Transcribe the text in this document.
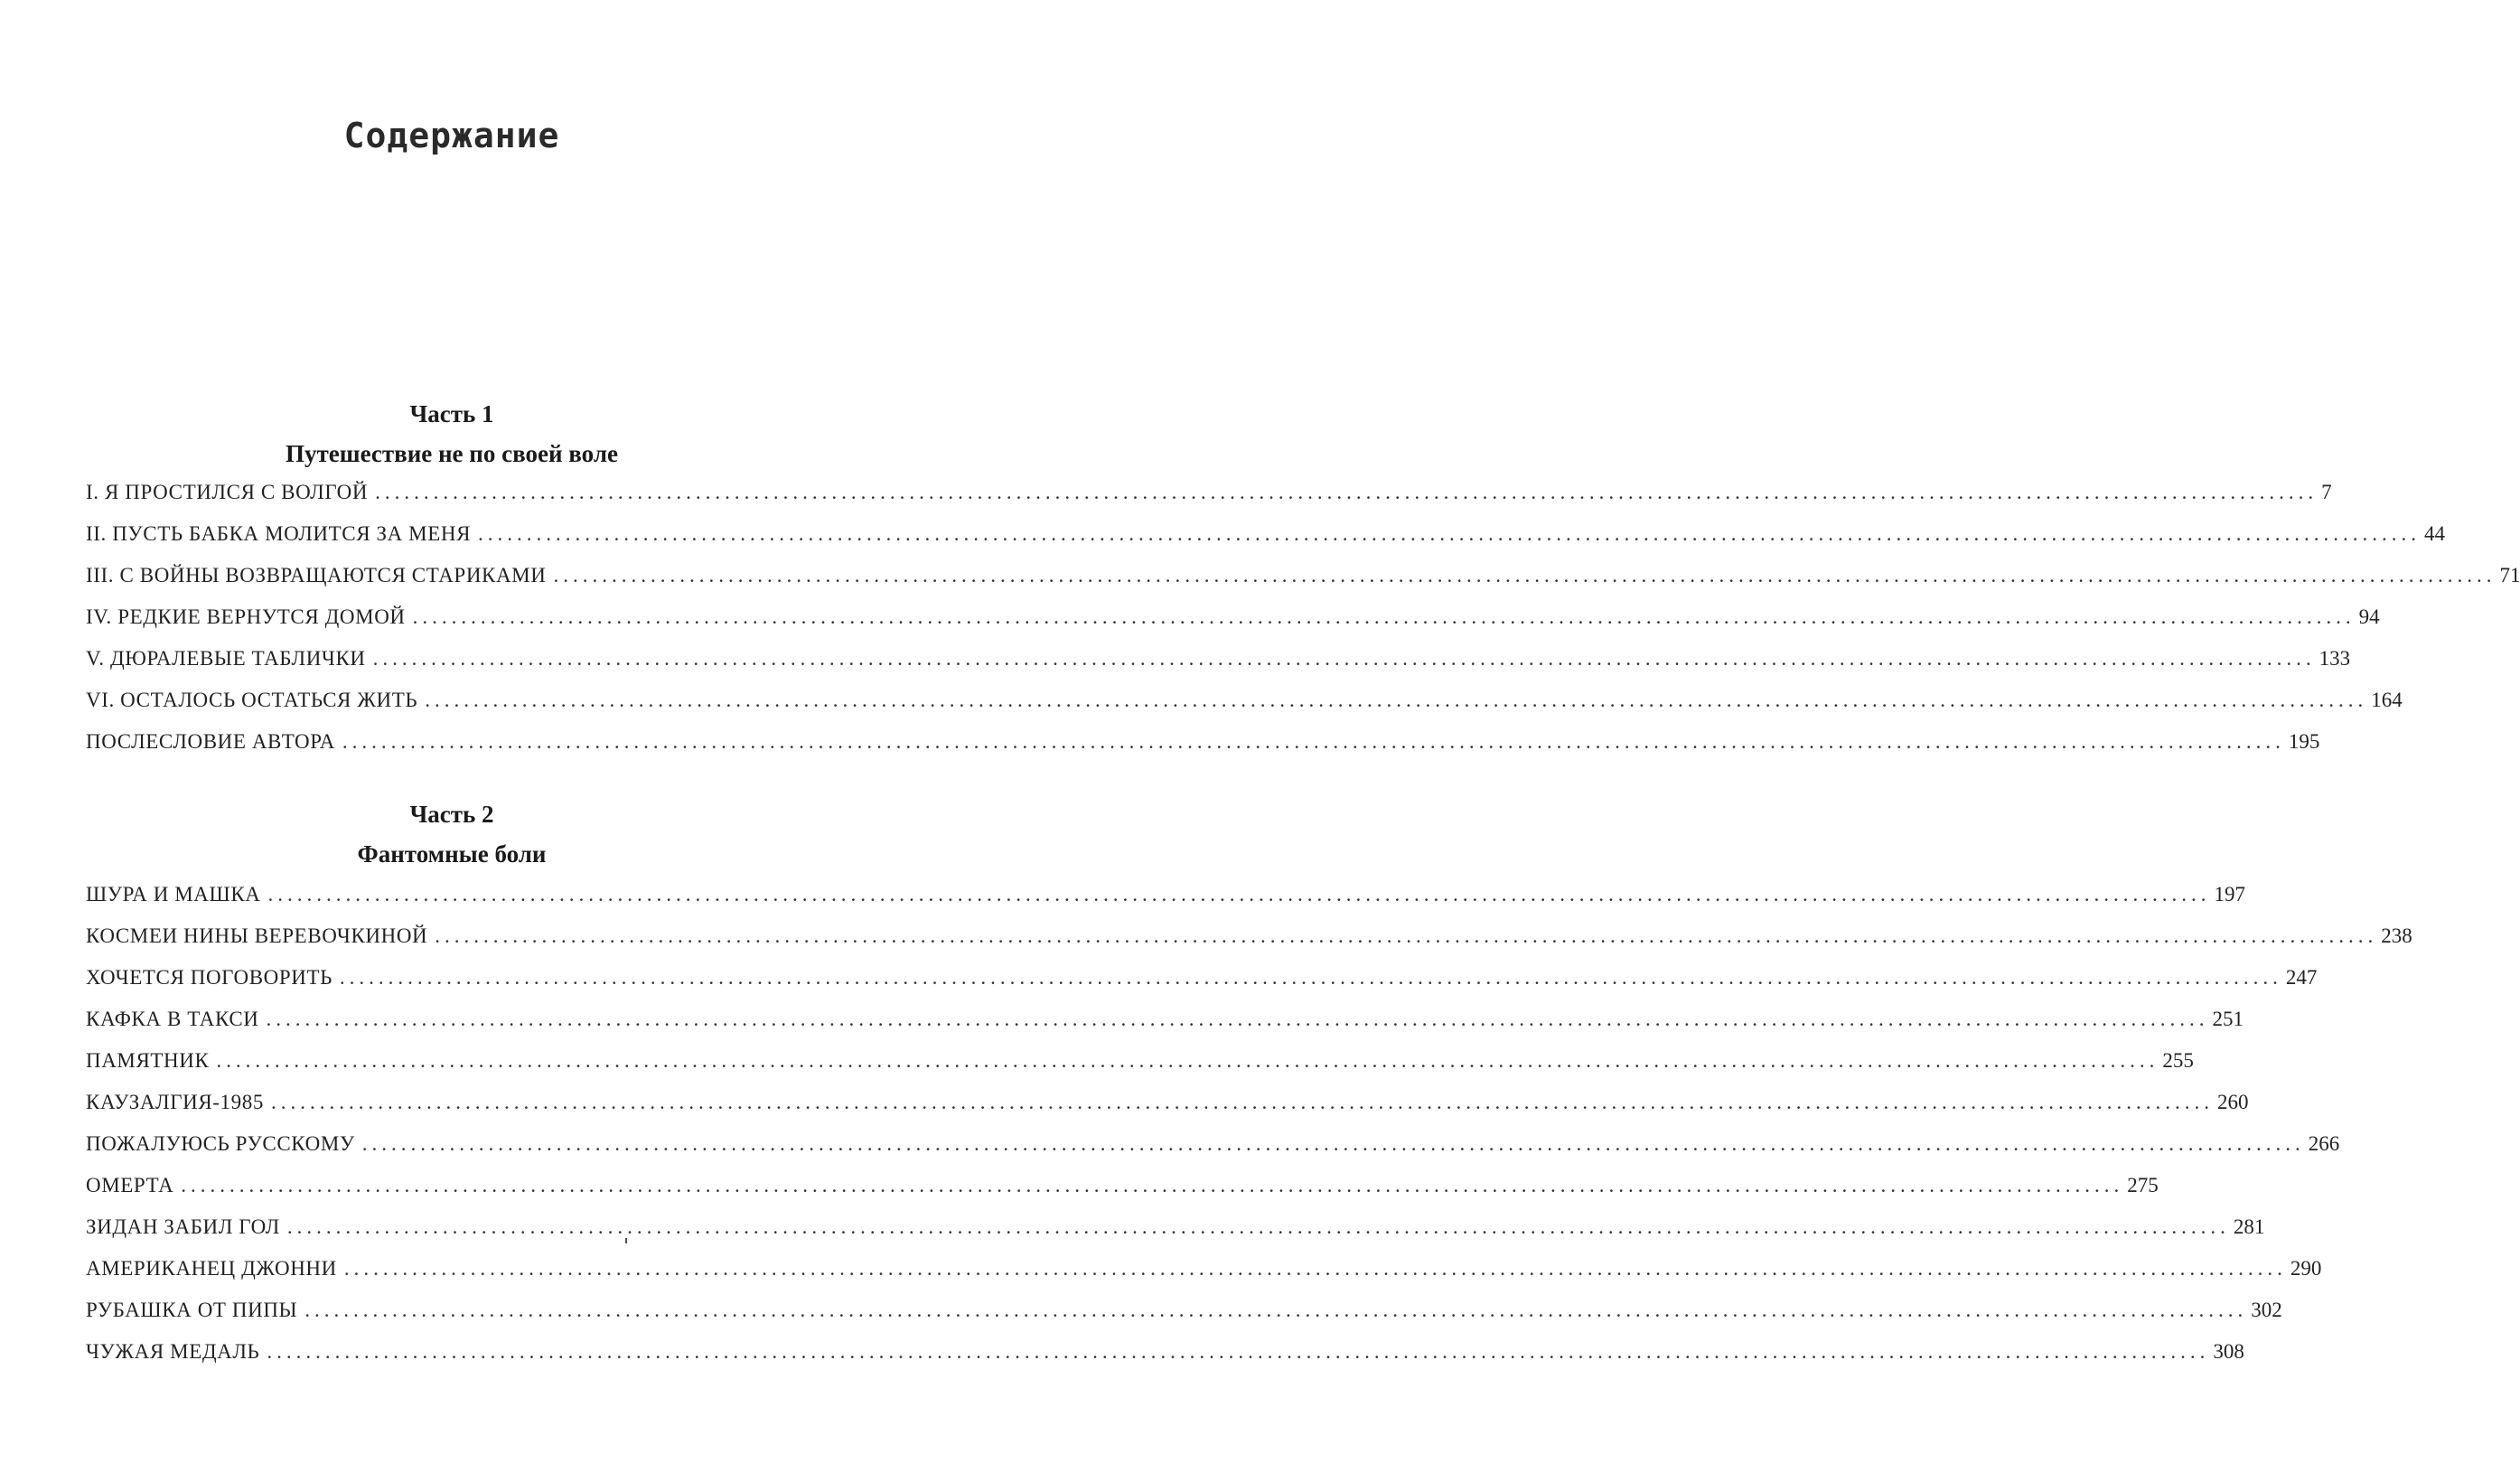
Содержание
Часть 1
Путешествие не по своей воле
I. Я ПРОСТИЛСЯ С ВОЛГОЙ ........................................................................................................................................................................................................ 7
II. ПУСТЬ БАБКА МОЛИТСЯ ЗА МЕНЯ ........................................................................................................................................................................................................ 44
III. С ВОЙНЫ ВОЗВРАЩАЮТСЯ СТАРИКАМИ ........................................................................................................................................................................................................ 71
IV. РЕДКИЕ ВЕРНУТСЯ ДОМОЙ ........................................................................................................................................................................................................ 94
V. ДЮРАЛЕВЫЕ ТАБЛИЧКИ ........................................................................................................................................................................................................ 133
VI. ОСТАЛОСЬ ОСТАТЬСЯ ЖИТЬ ........................................................................................................................................................................................................ 164
ПОСЛЕСЛОВИЕ АВТОРА ........................................................................................................................................................................................................ 195
Часть 2
Фантомные боли
ШУРА И МАШКА ........................................................................................................................................................................................................ 197
КОСМЕИ НИНЫ ВЕРЕВОЧКИНОЙ ........................................................................................................................................................................................................ 238
ХОЧЕТСЯ ПОГОВОРИТЬ ........................................................................................................................................................................................................ 247
КАФКА В ТАКСИ ........................................................................................................................................................................................................ 251
ПАМЯТНИК ........................................................................................................................................................................................................ 255
КАУЗАЛГИЯ-1985 ........................................................................................................................................................................................................ 260
ПОЖАЛУЮСЬ РУССКОМУ ........................................................................................................................................................................................................ 266
ОМЕРТА ........................................................................................................................................................................................................ 275
ЗИДАН ЗАБИЛ ГОЛ ........................................................................................................................................................................................................ 281
АМЕРИКАНЕЦ ДЖОННИ ........................................................................................................................................................................................................ 290
РУБАШКА ОТ ПИПЫ ........................................................................................................................................................................................................ 302
ЧУЖАЯ МЕДАЛЬ ........................................................................................................................................................................................................ 308
